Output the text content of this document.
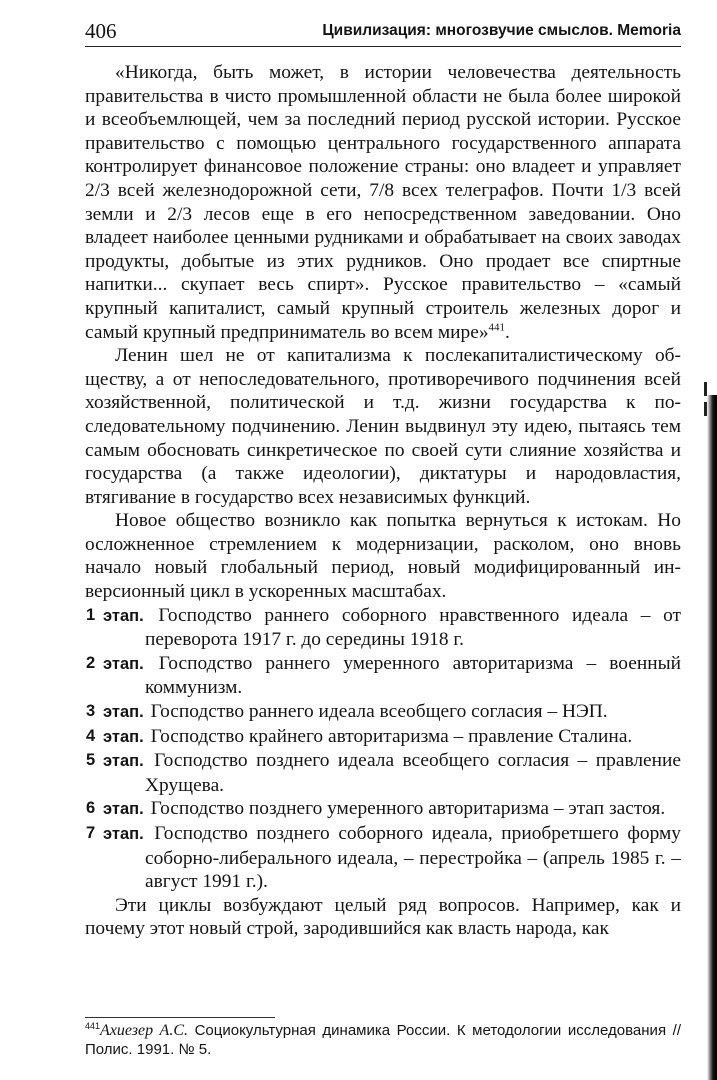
406	Цивилизация: многозвучие смыслов. Memoria

«Никогда, быть может, в истории человечества деятельность правительства в чисто промышленной области не была более широкой и всеобъемлющей, чем за последний период русской истории. Русское правительство с помощью центрального государственного аппарата контролирует финансовое положение страны: оно владеет и управляет 2/3 всей железнодорожной сети, 7/8 всех телеграфов. Почти 1/3 всей земли и 2/3 лесов еще в его непосредственном заведовании. Оно владеет наиболее ценными рудниками и обрабатывает на своих заводах продукты, добытые из этих рудников. Оно продает все спиртные напитки... скупает весь спирт». Русское правительство – «самый крупный капиталист, самый крупный строитель железных дорог и самый крупный предприниматель во всем мире»$^{441}$.

Ленин шел не от капитализма к послекапиталистическому обществу, а от непоследовательного, противоречивого подчинения всей хозяйственной, политической и т.д. жизни государства к последовательному подчинению. Ленин выдвинул эту идею, пытаясь тем самым обосновать синкретическое по своей сути слияние хозяйства и государства (а также идеологии), диктатуры и народовластия, втягивание в государство всех независимых функций.

Новое общество возникло как попытка вернуться к истокам. Но осложненное стремлением к модернизации, расколом, оно вновь начало новый глобальный период, новый модифицированный инверсионный цикл в ускоренных масштабах.

1 этап. Господство раннего соборного нравственного идеала – от переворота 1917 г. до середины 1918 г.
2 этап. Господство раннего умеренного авторитаризма – военный коммунизм.
3 этап. Господство раннего идеала всеобщего согласия – НЭП.
4 этап. Господство крайнего авторитаризма – правление Сталина.
5 этап. Господство позднего идеала всеобщего согласия – правление Хрущева.
6 этап. Господство позднего умеренного авторитаризма – этап застоя.
7 этап. Господство позднего соборного идеала, приобретшего форму соборно-либерального идеала, – перестройка – (апрель 1985 г. – август 1991 г.).

Эти циклы возбуждают целый ряд вопросов. Например, как и почему этот новый строй, зародившийся как власть народа, как

$^{441}$Ахиезер А.С. Социокультурная динамика России. К методологии исследования // Полис. 1991. № 5.
